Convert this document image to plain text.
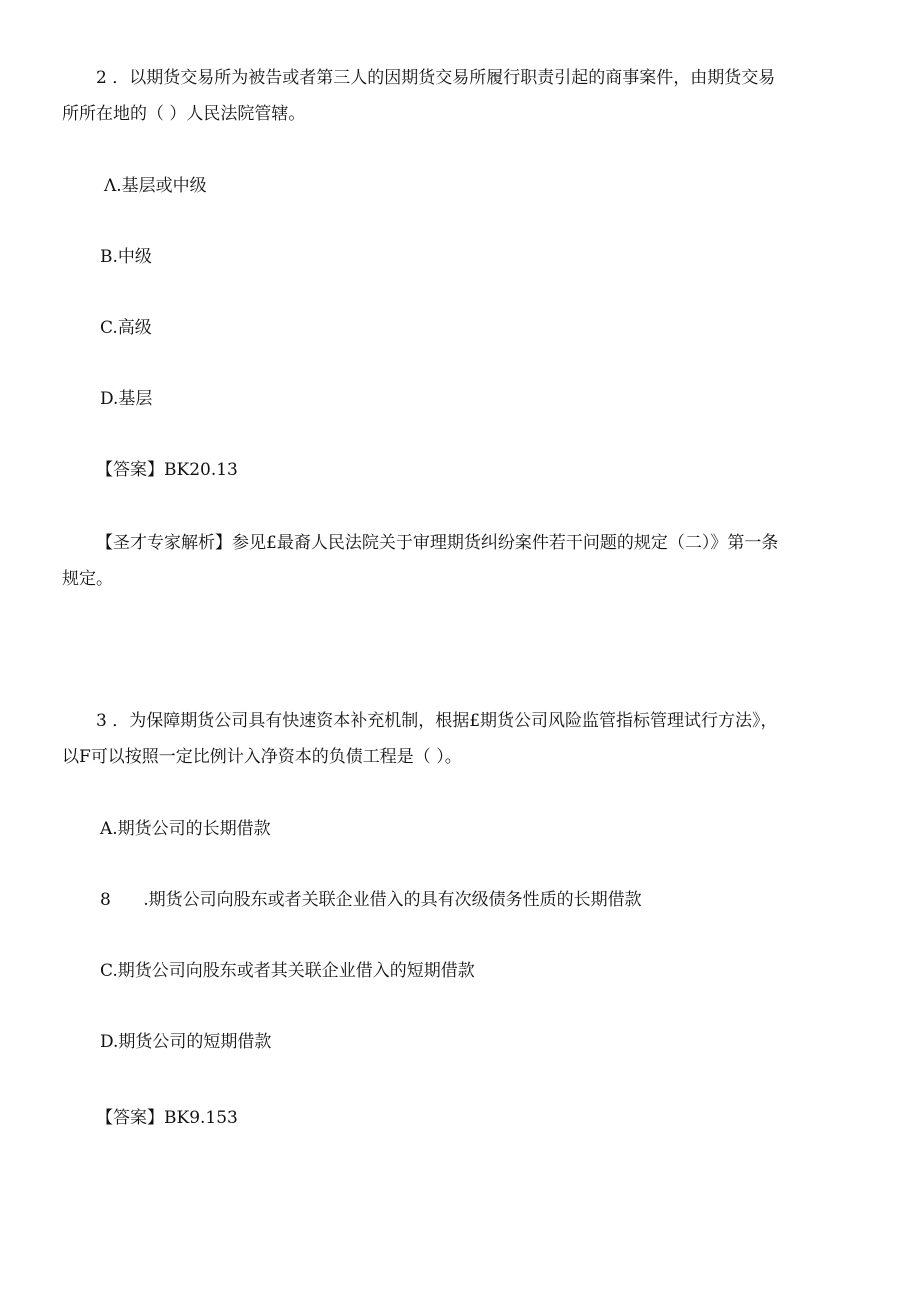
2 ．以期货交易所为被告或者第三人的因期货交易所履行职责引起的商事案件，由期货交易
所所在地的（ ）人民法院管辖。
Λ.基层或中级
B.中级
C.高级
D.基层
【答案】BK20.13
【圣才专家解析】参见£最裔人民法院关于审理期货纠纷案件若干问题的规定（二）》第一条
规定。
3 ．为保障期货公司具有快速资本补充机制，根据£期货公司风险监管指标管理试行方法》，
以F可以按照一定比例计入净资本的负债工程是（ ）。
A.期货公司的长期借款
8      .期货公司向股东或者关联企业借入的具有次级债务性质的长期借款
C.期货公司向股东或者其关联企业借入的短期借款
D.期货公司的短期借款
【答案】BK9.153
